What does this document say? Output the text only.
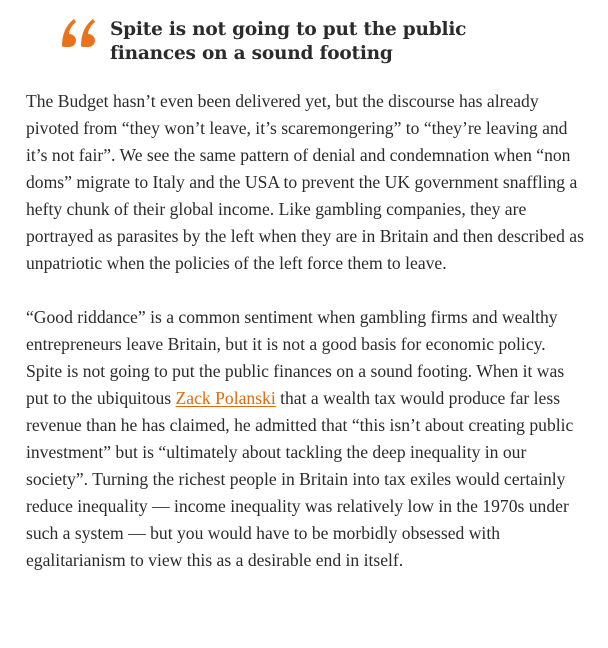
Spite is not going to put the public finances on a sound footing

The Budget hasn’t even been delivered yet, but the discourse has already pivoted from “they won’t leave, it’s scaremongering” to “they’re leaving and it’s not fair”. We see the same pattern of denial and condemnation when “non doms” migrate to Italy and the USA to prevent the UK government snaffling a hefty chunk of their global income. Like gambling companies, they are portrayed as parasites by the left when they are in Britain and then described as unpatriotic when the policies of the left force them to leave.

“Good riddance” is a common sentiment when gambling firms and wealthy entrepreneurs leave Britain, but it is not a good basis for economic policy. Spite is not going to put the public finances on a sound footing. When it was put to the ubiquitous Zack Polanski that a wealth tax would produce far less revenue than he has claimed, he admitted that “this isn’t about creating public investment” but is “ultimately about tackling the deep inequality in our society”. Turning the richest people in Britain into tax exiles would certainly reduce inequality — income inequality was relatively low in the 1970s under such a system — but you would have to be morbidly obsessed with egalitarianism to view this as a desirable end in itself.
